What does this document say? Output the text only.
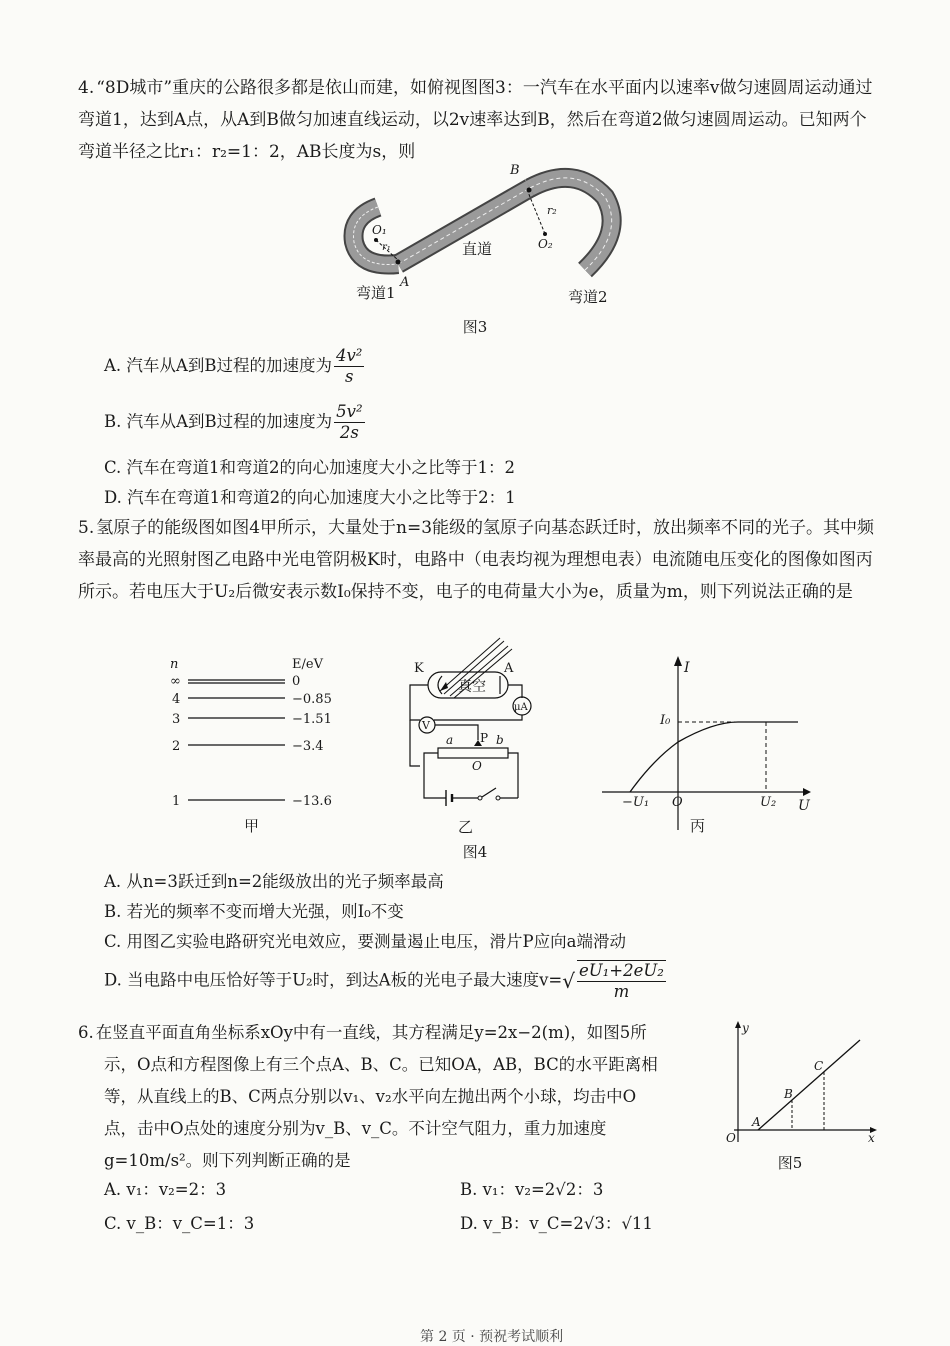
4. “8D城市”重庆的公路很多都是依山而建，如俯视图图3：一汽车在水平面内以速率v做匀速圆周运动通过弯道1，达到A点，从A到B做匀加速直线运动，以2v速率达到B，然后在弯道2做匀速圆周运动。已知两个弯道半径之比r₁：r₂=1：2，AB长度为s，则

O₁
r₁
A
B
O₂
r₂
直道
弯道1	弯道2
图3
A. 汽车从A到B过程的加速度为 $\frac{\text{4v²}}{s}$
B. 汽车从A到B过程的加速度为 $\frac{\text{5v²}}{2s}$
C. 汽车在弯道1和弯道2的向心加速度大小之比等于1：2
D. 汽车在弯道1和弯道2的向心加速度大小之比等于2：1

5. 氢原子的能级图如图4甲所示，大量处于n=3能级的氢原子向基态跃迁时，放出频率不同的光子。其中频率最高的光照射图乙电路中光电管阴极K时，电路中（电表均视为理想电表）电流随电压变化的图像如图丙所示。若电压大于U₂后微安表示数I₀保持不变，电子的电荷量大小为e，质量为m，则下列说法正确的是

n	E/eV
∞	0
4	−0.85
3	−1.51
2	−3.4
1	−13.6
甲
K	A
真空
μA
V
a P b
O
乙
I
U
I₀
−U₁ O	U₂
丙
图4
A. 从n=3跃迁到n=2能级放出的光子频率最高
B. 若光的频率不变而增大光强，则I₀不变
C. 用图乙实验电路研究光电效应，要测量遏止电压，滑片P应向a端滑动
D. 当电路中电压恰好等于U₂时，到达A板的光电子最大速度$v=√ \frac{\text{eU₁+2eU₂}}{m}$

6. 在竖直平面直角坐标系xOy中有一直线，其方程满足y=2x−2(m)，如图5所

示，O点和方程图像上有三个点A、B、C。已知OA，AB，BC的水平距离相

等，从直线上的B、C两点分别以v₁、v₂水平向左抛出两个小球，均击中O

点，击中O点处的速度分别为v_B、v_C。不计空气阻力，重力加速度

g=10m/s²。则下列判断正确的是

y
x
O
A
B
C
图5
A. v₁：v₂=2：3	B. v₁：v₂=2√2：3
C. v_B：v_C=1：3	D. v_B：v_C=2√3：√11
第 2 页 · 预祝考试顺利
